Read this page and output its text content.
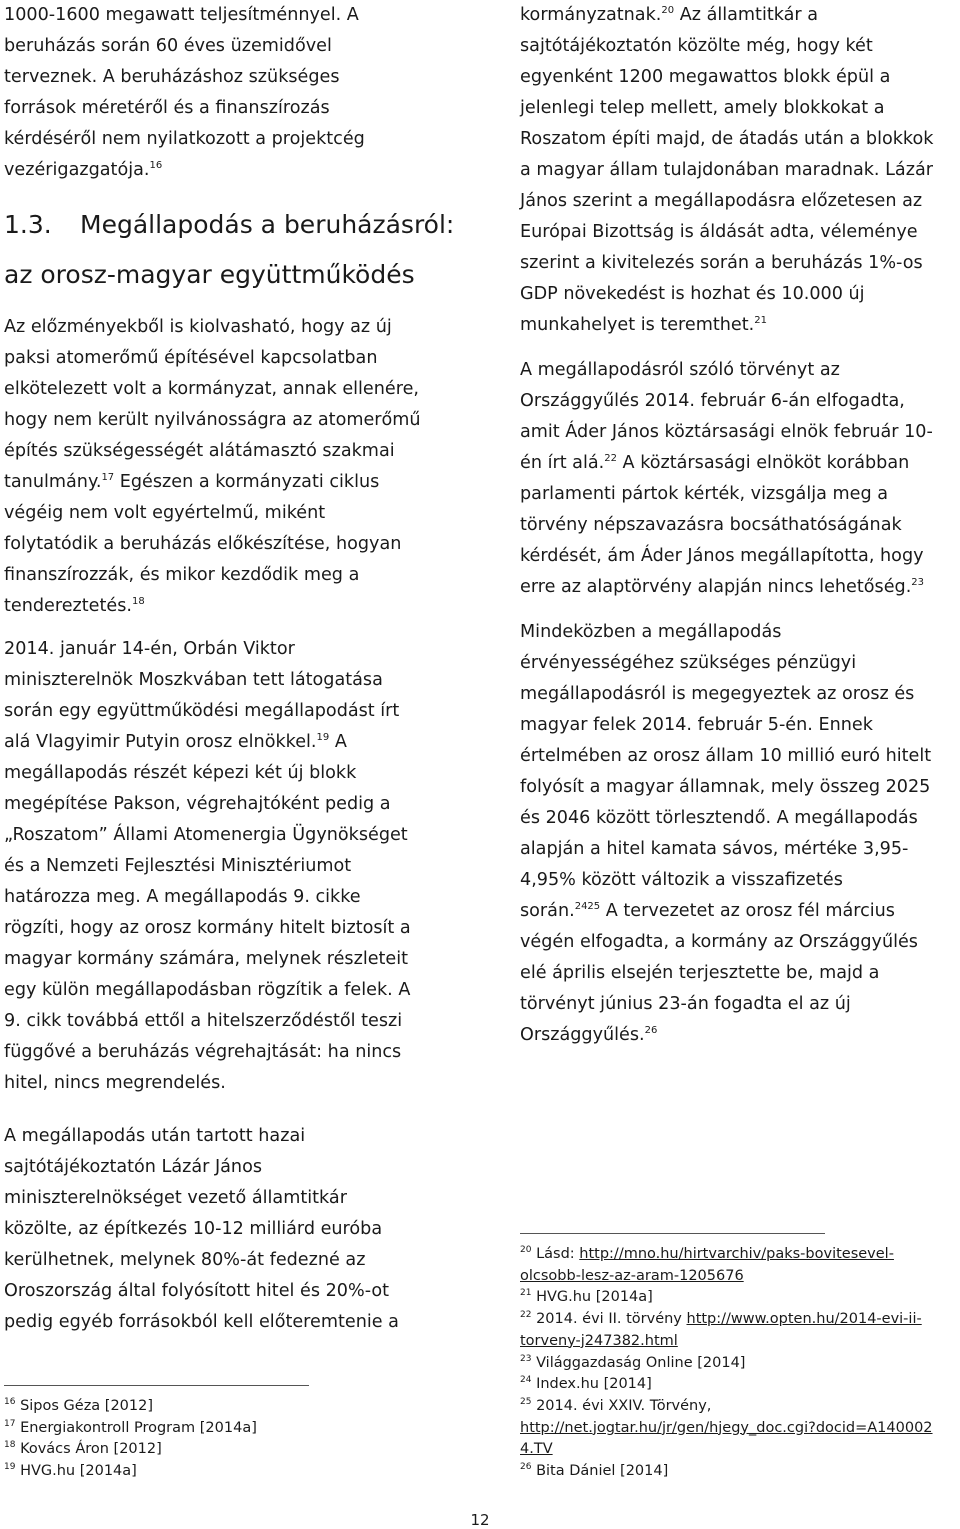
1000-1600 megawatt teljesítménnyel. A
beruházás során 60 éves üzemidővel
terveznek. A beruházáshoz szükséges
források méretéről és a finanszírozás
kérdéséről nem nyilatkozott a projektcég
vezérigazgatója.$^{16}$

1.3. Megállapodás a beruházásról:
az orosz-magyar együttműködés

Az előzményekből is kiolvasható, hogy az új
paksi atomerőmű építésével kapcsolatban
elkötelezett volt a kormányzat, annak ellenére,
hogy nem került nyilvánosságra az atomerőmű
építés szükségességét alátámasztó szakmai
tanulmány.$^{17}$ Egészen a kormányzati ciklus
végéig nem volt egyértelmű, miként
folytatódik a beruházás előkészítése, hogyan
finanszírozzák, és mikor kezdődik meg a
tendereztetés.$^{18}$

2014. január 14-én, Orbán Viktor
miniszterelnök Moszkvában tett látogatása
során egy együttműködési megállapodást írt
alá Vlagyimir Putyin orosz elnökkel.$^{19}$ A
megállapodás részét képezi két új blokk
megépítése Pakson, végrehajtóként pedig a
„Roszatom” Állami Atomenergia Ügynökséget
és a Nemzeti Fejlesztési Minisztériumot
határozza meg. A megállapodás 9. cikke
rögzíti, hogy az orosz kormány hitelt biztosít a
magyar kormány számára, melynek részleteit
egy külön megállapodásban rögzítik a felek. A
9. cikk továbbá ettől a hitelszerződéstől teszi
függővé a beruházás végrehajtását: ha nincs
hitel, nincs megrendelés.

A megállapodás után tartott hazai
sajtótájékoztatón Lázár János
miniszterelnökséget vezető államtitkár
közölte, az építkezés 10-12 milliárd euróba
kerülhetnek, melynek 80%-át fedezné az
Oroszország által folyósított hitel és 20%-ot
pedig egyéb forrásokból kell előteremtenie a

$^{16}$ Sipos Géza [2012]

$^{17}$ Energiakontroll Program [2014a]

$^{18}$ Kovács Áron [2012]

$^{19}$ HVG.hu [2014a]

kormányzatnak.$^{20}$ Az államtitkár a
sajtótájékoztatón közölte még, hogy két
egyenként 1200 megawattos blokk épül a
jelenlegi telep mellett, amely blokkokat a
Roszatom építi majd, de átadás után a blokkok
a magyar állam tulajdonában maradnak. Lázár
János szerint a megállapodásra előzetesen az
Európai Bizottság is áldását adta, véleménye
szerint a kivitelezés során a beruházás 1%-os
GDP növekedést is hozhat és 10.000 új
munkahelyet is teremthet.$^{21}$

A megállapodásról szóló törvényt az
Országgyűlés 2014. február 6-án elfogadta,
amit Áder János köztársasági elnök február 10-
én írt alá.$^{22}$ A köztársasági elnököt korábban
parlamenti pártok kérték, vizsgálja meg a
törvény népszavazásra bocsáthatóságának
kérdését, ám Áder János megállapította, hogy
erre az alaptörvény alapján nincs lehetőség.$^{23}$

Mindeközben a megállapodás
érvényességéhez szükséges pénzügyi
megállapodásról is megegyeztek az orosz és
magyar felek 2014. február 5-én. Ennek
értelmében az orosz állam 10 millió euró hitelt
folyósít a magyar államnak, mely összeg 2025
és 2046 között törlesztendő. A megállapodás
alapján a hitel kamata sávos, mértéke 3,95-
4,95% között változik a visszafizetés
során.$^{2425}$ A tervezetet az orosz fél március
végén elfogadta, a kormány az Országgyűlés
elé április elsején terjesztette be, majd a
törvényt június 23-án fogadta el az új
Országgyűlés.$^{26}$

$^{20}$ Lásd: http://mno.hu/hirtvarchiv/paks-bovitesevel-
olcsobb-lesz-az-aram-1205676

$^{21}$ HVG.hu [2014a]

$^{22}$ 2014. évi II. törvény http://www.opten.hu/2014-evi-ii-
torveny-j247382.html

$^{23}$ Világgazdaság Online [2014]

$^{24}$ Index.hu [2014]

$^{25}$ 2014. évi XXIV. Törvény,
http://net.jogtar.hu/jr/gen/hjegy_doc.cgi?docid=A140002
4.TV

$^{26}$ Bita Dániel [2014]

12
